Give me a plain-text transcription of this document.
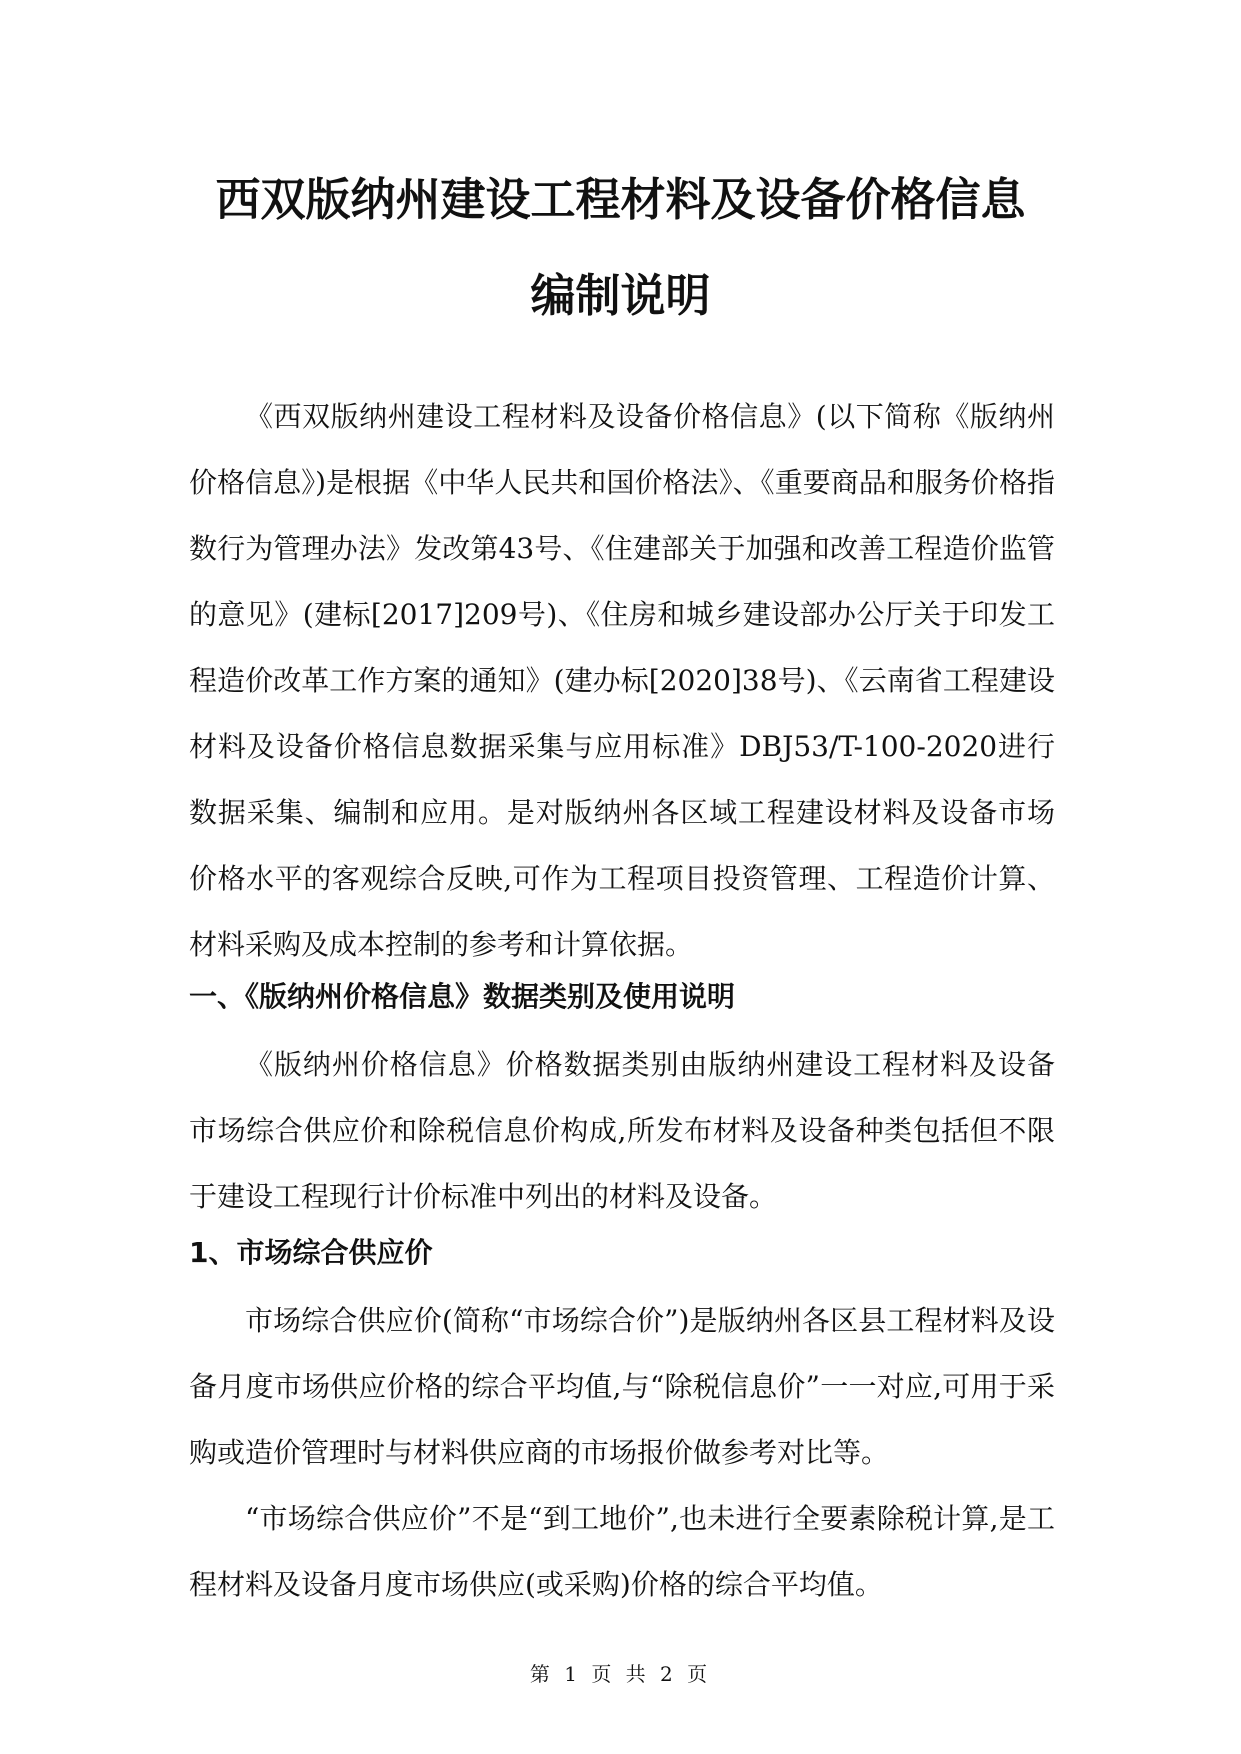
西双版纳州建设工程材料及设备价格信息
编制说明

《西双版纳州建设工程材料及设备价格信息》(以下简称《版纳州价格信息》)是根据《中华人民共和国价格法》、《重要商品和服务价格指数行为管理办法》发改第43号、《住建部关于加强和改善工程造价监管的意见》(建标[2017]209号)、《住房和城乡建设部办公厅关于印发工程造价改革工作方案的通知》(建办标[2020]38号)、《云南省工程建设材料及设备价格信息数据采集与应用标准》DBJ53/T-100-2020进行数据采集、编制和应用。是对版纳州各区域工程建设材料及设备市场价格水平的客观综合反映,可作为工程项目投资管理、工程造价计算、材料采购及成本控制的参考和计算依据。

一、《版纳州价格信息》数据类别及使用说明

《版纳州价格信息》价格数据类别由版纳州建设工程材料及设备市场综合供应价和除税信息价构成,所发布材料及设备种类包括但不限于建设工程现行计价标准中列出的材料及设备。

1、市场综合供应价

市场综合供应价(简称“市场综合价”)是版纳州各区县工程材料及设备月度市场供应价格的综合平均值,与“除税信息价”一一对应,可用于采购或造价管理时与材料供应商的市场报价做参考对比等。

“市场综合供应价”不是“到工地价”,也未进行全要素除税计算,是工程材料及设备月度市场供应(或采购)价格的综合平均值。

第 1 页 共 2 页
